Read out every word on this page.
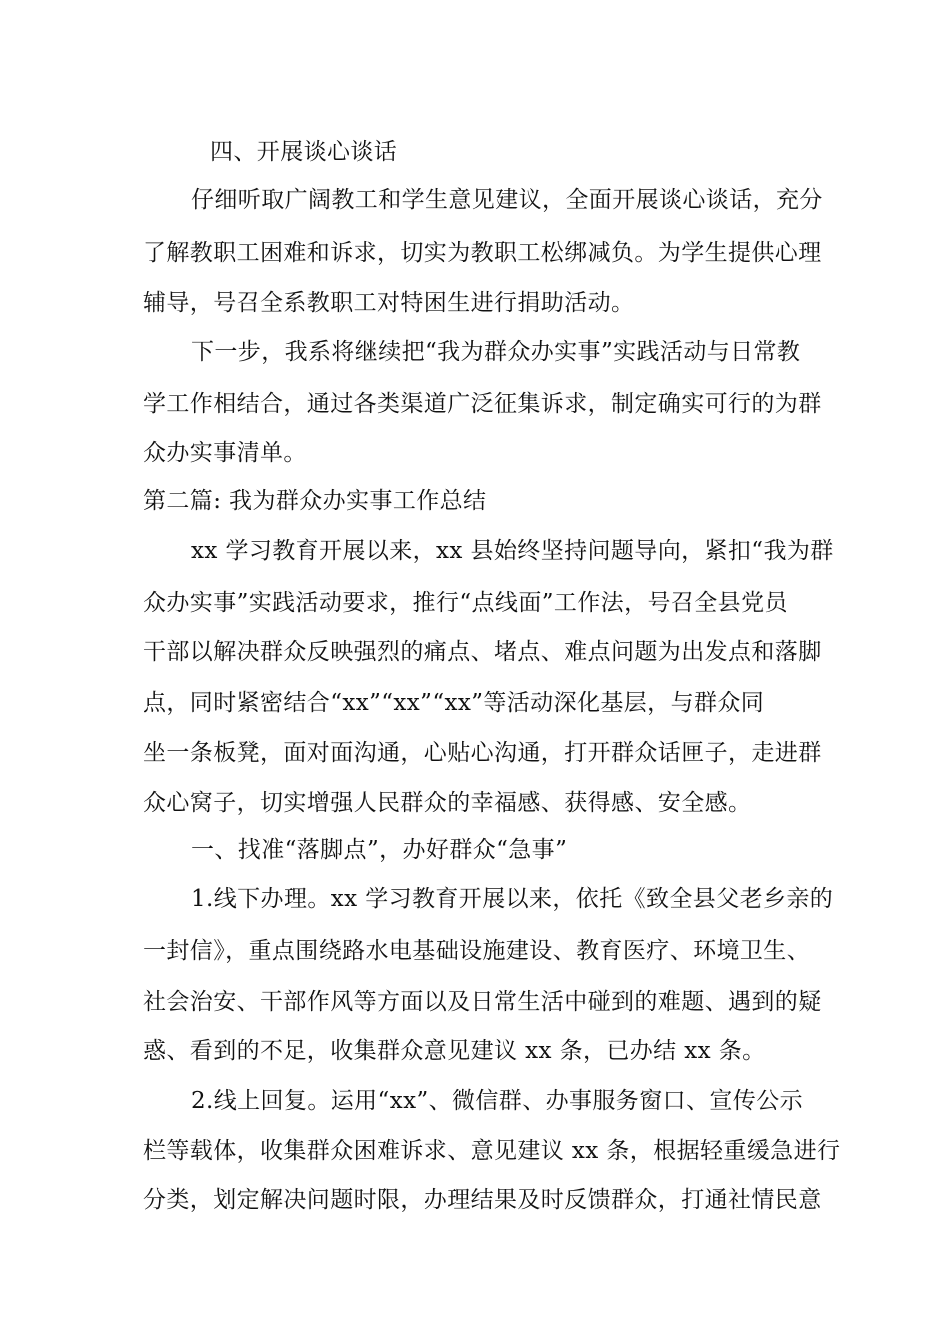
四、开展谈心谈话
仔细听取广阔教工和学生意见建议，全面开展谈心谈话，充分
了解教职工困难和诉求，切实为教职工松绑减负。为学生提供心理
辅导，号召全系教职工对特困生进行捐助活动。
下一步，我系将继续把“我为群众办实事”实践活动与日常教
学工作相结合，通过各类渠道广泛征集诉求，制定确实可行的为群
众办实事清单。
第二篇: 我为群众办实事工作总结
xx 学习教育开展以来，xx 县始终坚持问题导向，紧扣“我为群
众办实事”实践活动要求，推行“点线面”工作法，号召全县党员
干部以解决群众反映强烈的痛点、堵点、难点问题为出发点和落脚
点，同时紧密结合“xx”“xx”“xx”等活动深化基层，与群众同
坐一条板凳，面对面沟通，心贴心沟通，打开群众话匣子，走进群
众心窝子，切实增强人民群众的幸福感、获得感、安全感。
一、找准“落脚点”，办好群众“急事”
1.线下办理。xx 学习教育开展以来，依托《致全县父老乡亲的
一封信》，重点围绕路水电基础设施建设、教育医疗、环境卫生、
社会治安、干部作风等方面以及日常生活中碰到的难题、遇到的疑
惑、看到的不足，收集群众意见建议 xx 条，已办结 xx 条。
2.线上回复。运用“xx”、微信群、办事服务窗口、宣传公示
栏等载体，收集群众困难诉求、意见建议 xx 条，根据轻重缓急进行
分类，划定解决问题时限，办理结果及时反馈群众，打通社情民意
